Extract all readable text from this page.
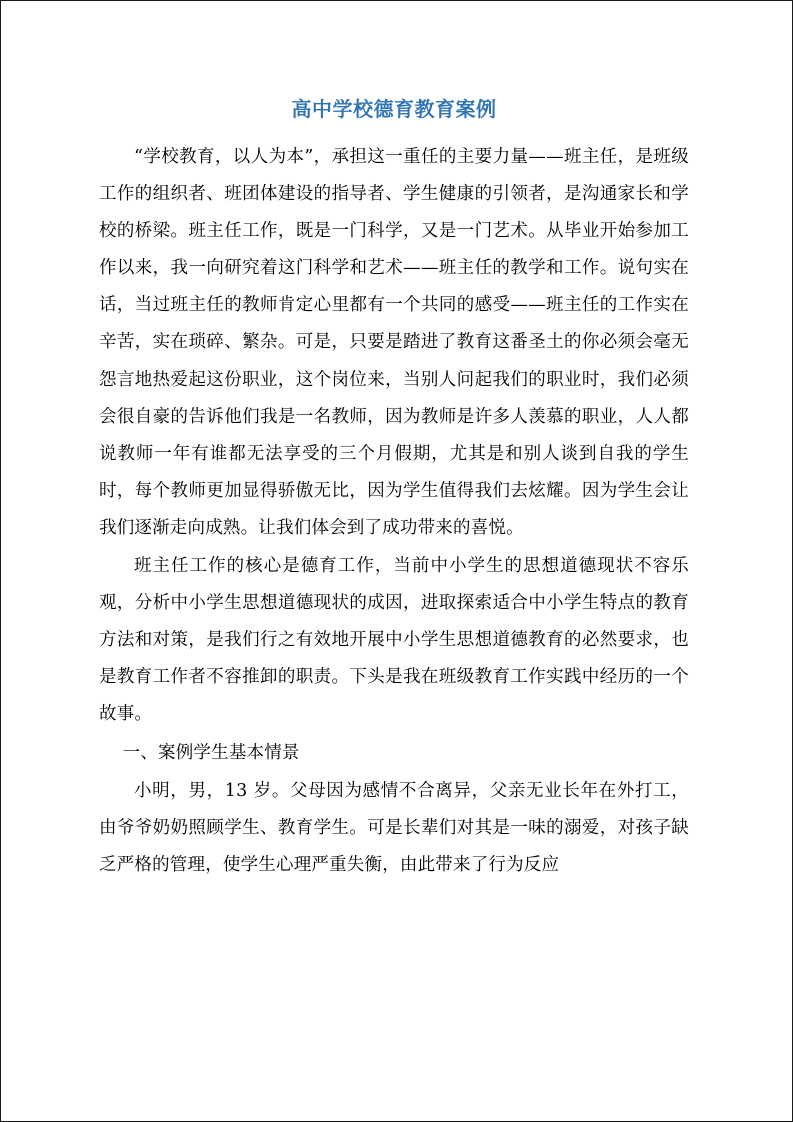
高中学校德育教育案例

“学校教育，以人为本”，承担这一重任的主要力量——班主任，是班级工作的组织者、班团体建设的指导者、学生健康的引领者，是沟通家长和学校的桥梁。班主任工作，既是一门科学，又是一门艺术。从毕业开始参加工作以来，我一向研究着这门科学和艺术——班主任的教学和工作。说句实在话，当过班主任的教师肯定心里都有一个共同的感受——班主任的工作实在辛苦，实在琐碎、繁杂。可是，只要是踏进了教育这番圣土的你必须会毫无怨言地热爱起这份职业，这个岗位来，当别人问起我们的职业时，我们必须会很自豪的告诉他们我是一名教师，因为教师是许多人羡慕的职业，人人都说教师一年有谁都无法享受的三个月假期，尤其是和别人谈到自我的学生时，每个教师更加显得骄傲无比，因为学生值得我们去炫耀。因为学生会让我们逐渐走向成熟。让我们体会到了成功带来的喜悦。

班主任工作的核心是德育工作，当前中小学生的思想道德现状不容乐观，分析中小学生思想道德现状的成因，进取探索适合中小学生特点的教育方法和对策，是我们行之有效地开展中小学生思想道德教育的必然要求，也是教育工作者不容推卸的职责。下头是我在班级教育工作实践中经历的一个故事。

一、案例学生基本情景

小明，男，13 岁。父母因为感情不合离异，父亲无业长年在外打工，由爷爷奶奶照顾学生、教育学生。可是长辈们对其是一味的溺爱，对孩子缺乏严格的管理，使学生心理严重失衡，由此带来了行为反应
